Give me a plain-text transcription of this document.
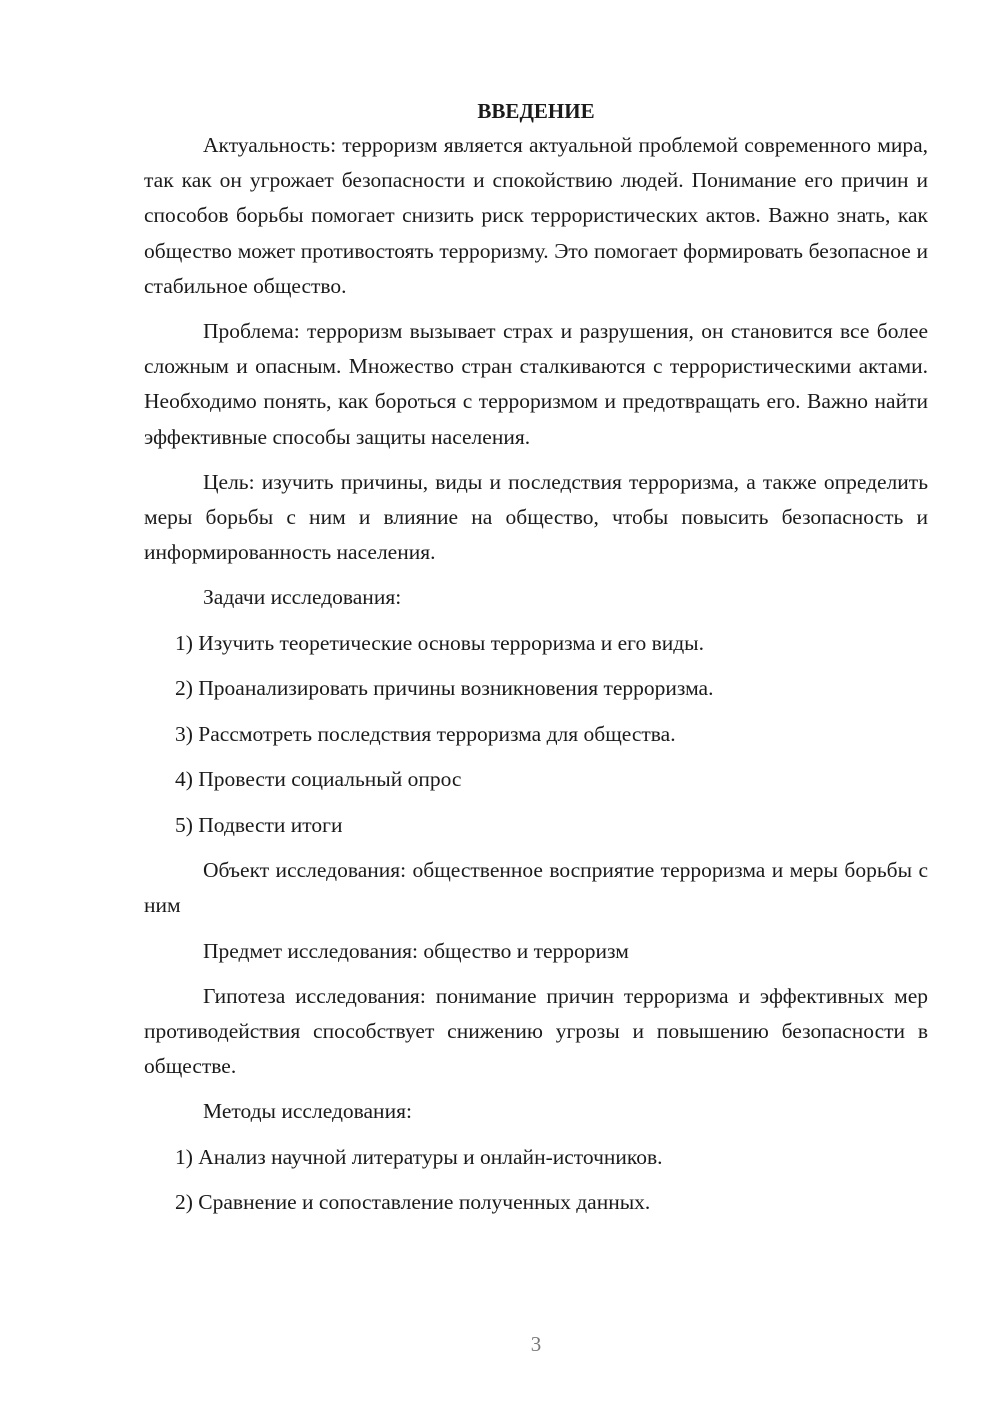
ВВЕДЕНИЕ

Актуальность: терроризм является актуальной проблемой современного мира, так как он угрожает безопасности и спокойствию людей. Понимание его причин и способов борьбы помогает снизить риск террористических актов. Важно знать, как общество может противостоять терроризму. Это помогает формировать безопасное и стабильное общество.

Проблема: терроризм вызывает страх и разрушения, он становится все более сложным и опасным. Множество стран сталкиваются с террористическими актами. Необходимо понять, как бороться с терроризмом и предотвращать его. Важно найти эффективные способы защиты населения.

Цель: изучить причины, виды и последствия терроризма, а также определить меры борьбы с ним и влияние на общество, чтобы повысить безопасность и информированность населения.

Задачи исследования:

1) Изучить теоретические основы терроризма и его виды.
2) Проанализировать причины возникновения терроризма.
3) Рассмотреть последствия терроризма для общества.
4) Провести социальный опрос
5) Подвести итоги

Объект исследования: общественное восприятие терроризма и меры борьбы с ним

Предмет исследования: общество и терроризм

Гипотеза исследования: понимание причин терроризма и эффективных мер противодействия способствует снижению угрозы и повышению безопасности в обществе.

Методы исследования:

1) Анализ научной литературы и онлайн-источников.
2) Сравнение и сопоставление полученных данных.
3
